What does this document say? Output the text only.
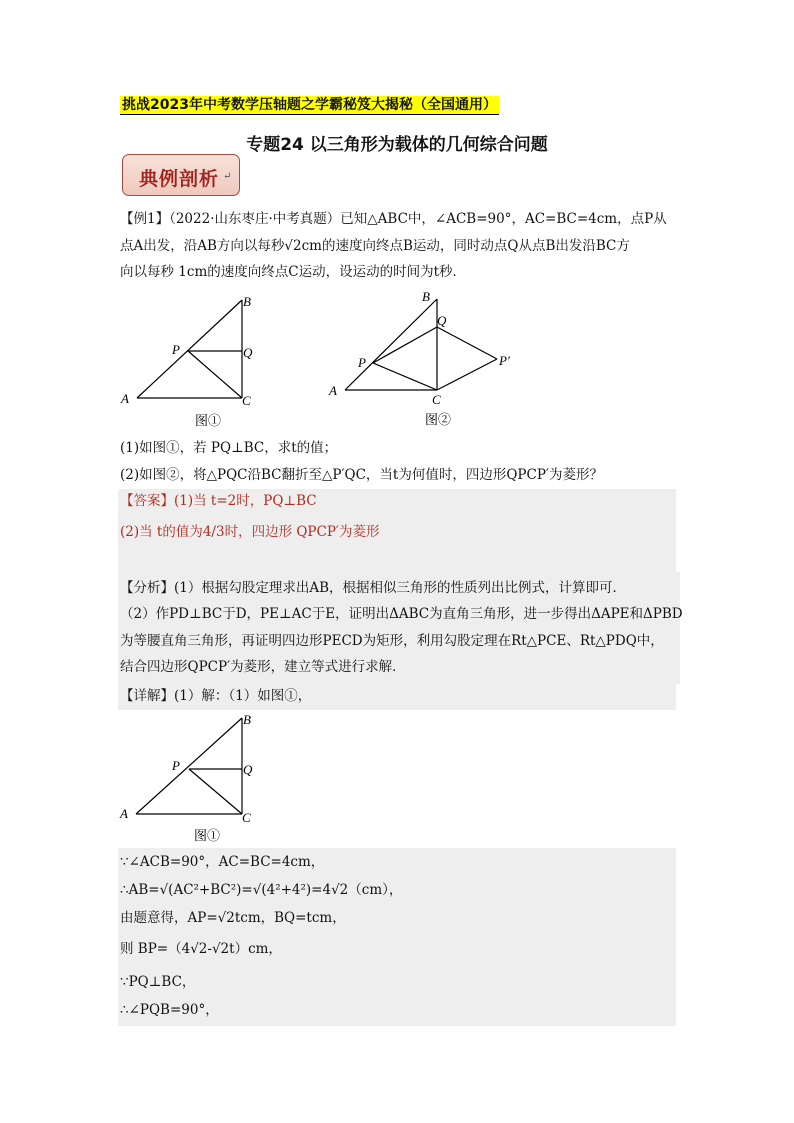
挑战2023年中考数学压轴题之学霸秘笈大揭秘（全国通用）
专题24 以三角形为载体的几何综合问题
典例剖析 ↵
【例1】（2022·山东枣庄·中考真题）已知△ABC中，∠ACB=90°，AC=BC=4cm，点P从
点A出发，沿AB方向以每秒√2cm的速度向终点B运动，同时动点Q从点B出发沿BC方
向以每秒 1cm的速度向终点C运动，设运动的时间为t秒．
B
P	Q
A	C
图①
B
Q
P	P′
A
C
图②
(1)如图①，若 PQ⊥BC，求t的值；
(2)如图②，将△PQC沿BC翻折至△P′QC，当t为何值时，四边形QPCP′为菱形？
【答案】(1)当 t=2时，PQ⊥BC
(2)当 t的值为4/3时，四边形 QPCP′为菱形
【分析】(1）根据勾股定理求出AB，根据相似三角形的性质列出比例式，计算即可．
（2）作PD⊥BC于D，PE⊥AC于E，证明出ΔABC为直角三角形，进一步得出ΔAPE和ΔPBD
为等腰直角三角形，再证明四边形PECD为矩形，利用勾股定理在Rt△PCE、Rt△PDQ中，
结合四边形QPCP′为菱形，建立等式进行求解．
【详解】(1）解：（1）如图①，
B
P	Q
A	C
图①
∵∠ACB=90°，AC=BC=4cm，
∴AB=√(AC²+BC²)=√(4²+4²)=4√2（cm），
由题意得，AP=√2tcm，BQ=tcm，
则 BP=（4√2-√2t）cm，
∵PQ⊥BC，
∴∠PQB=90°，
